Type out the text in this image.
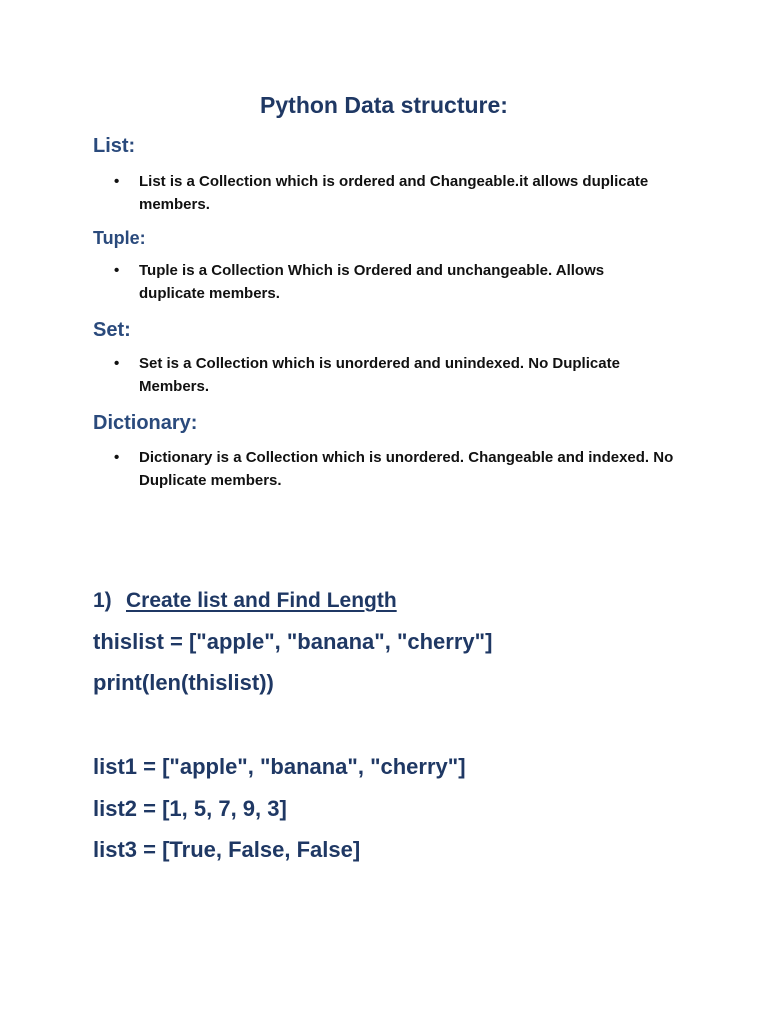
Python Data structure:
List:
•	List is a Collection which is ordered and Changeable.it allows duplicate members.
Tuple:
•	Tuple is a Collection Which is Ordered and unchangeable. Allows duplicate members.
Set:
•	Set is a Collection which is unordered and unindexed. No Duplicate Members.
Dictionary:
•	Dictionary is a Collection which is unordered. Changeable and indexed. No Duplicate members.
1) Create list and Find Length
thislist = ["apple", "banana", "cherry"]
print(len(thislist))
list1 = ["apple", "banana", "cherry"]
list2 = [1, 5, 7, 9, 3]
list3 = [True, False, False]
